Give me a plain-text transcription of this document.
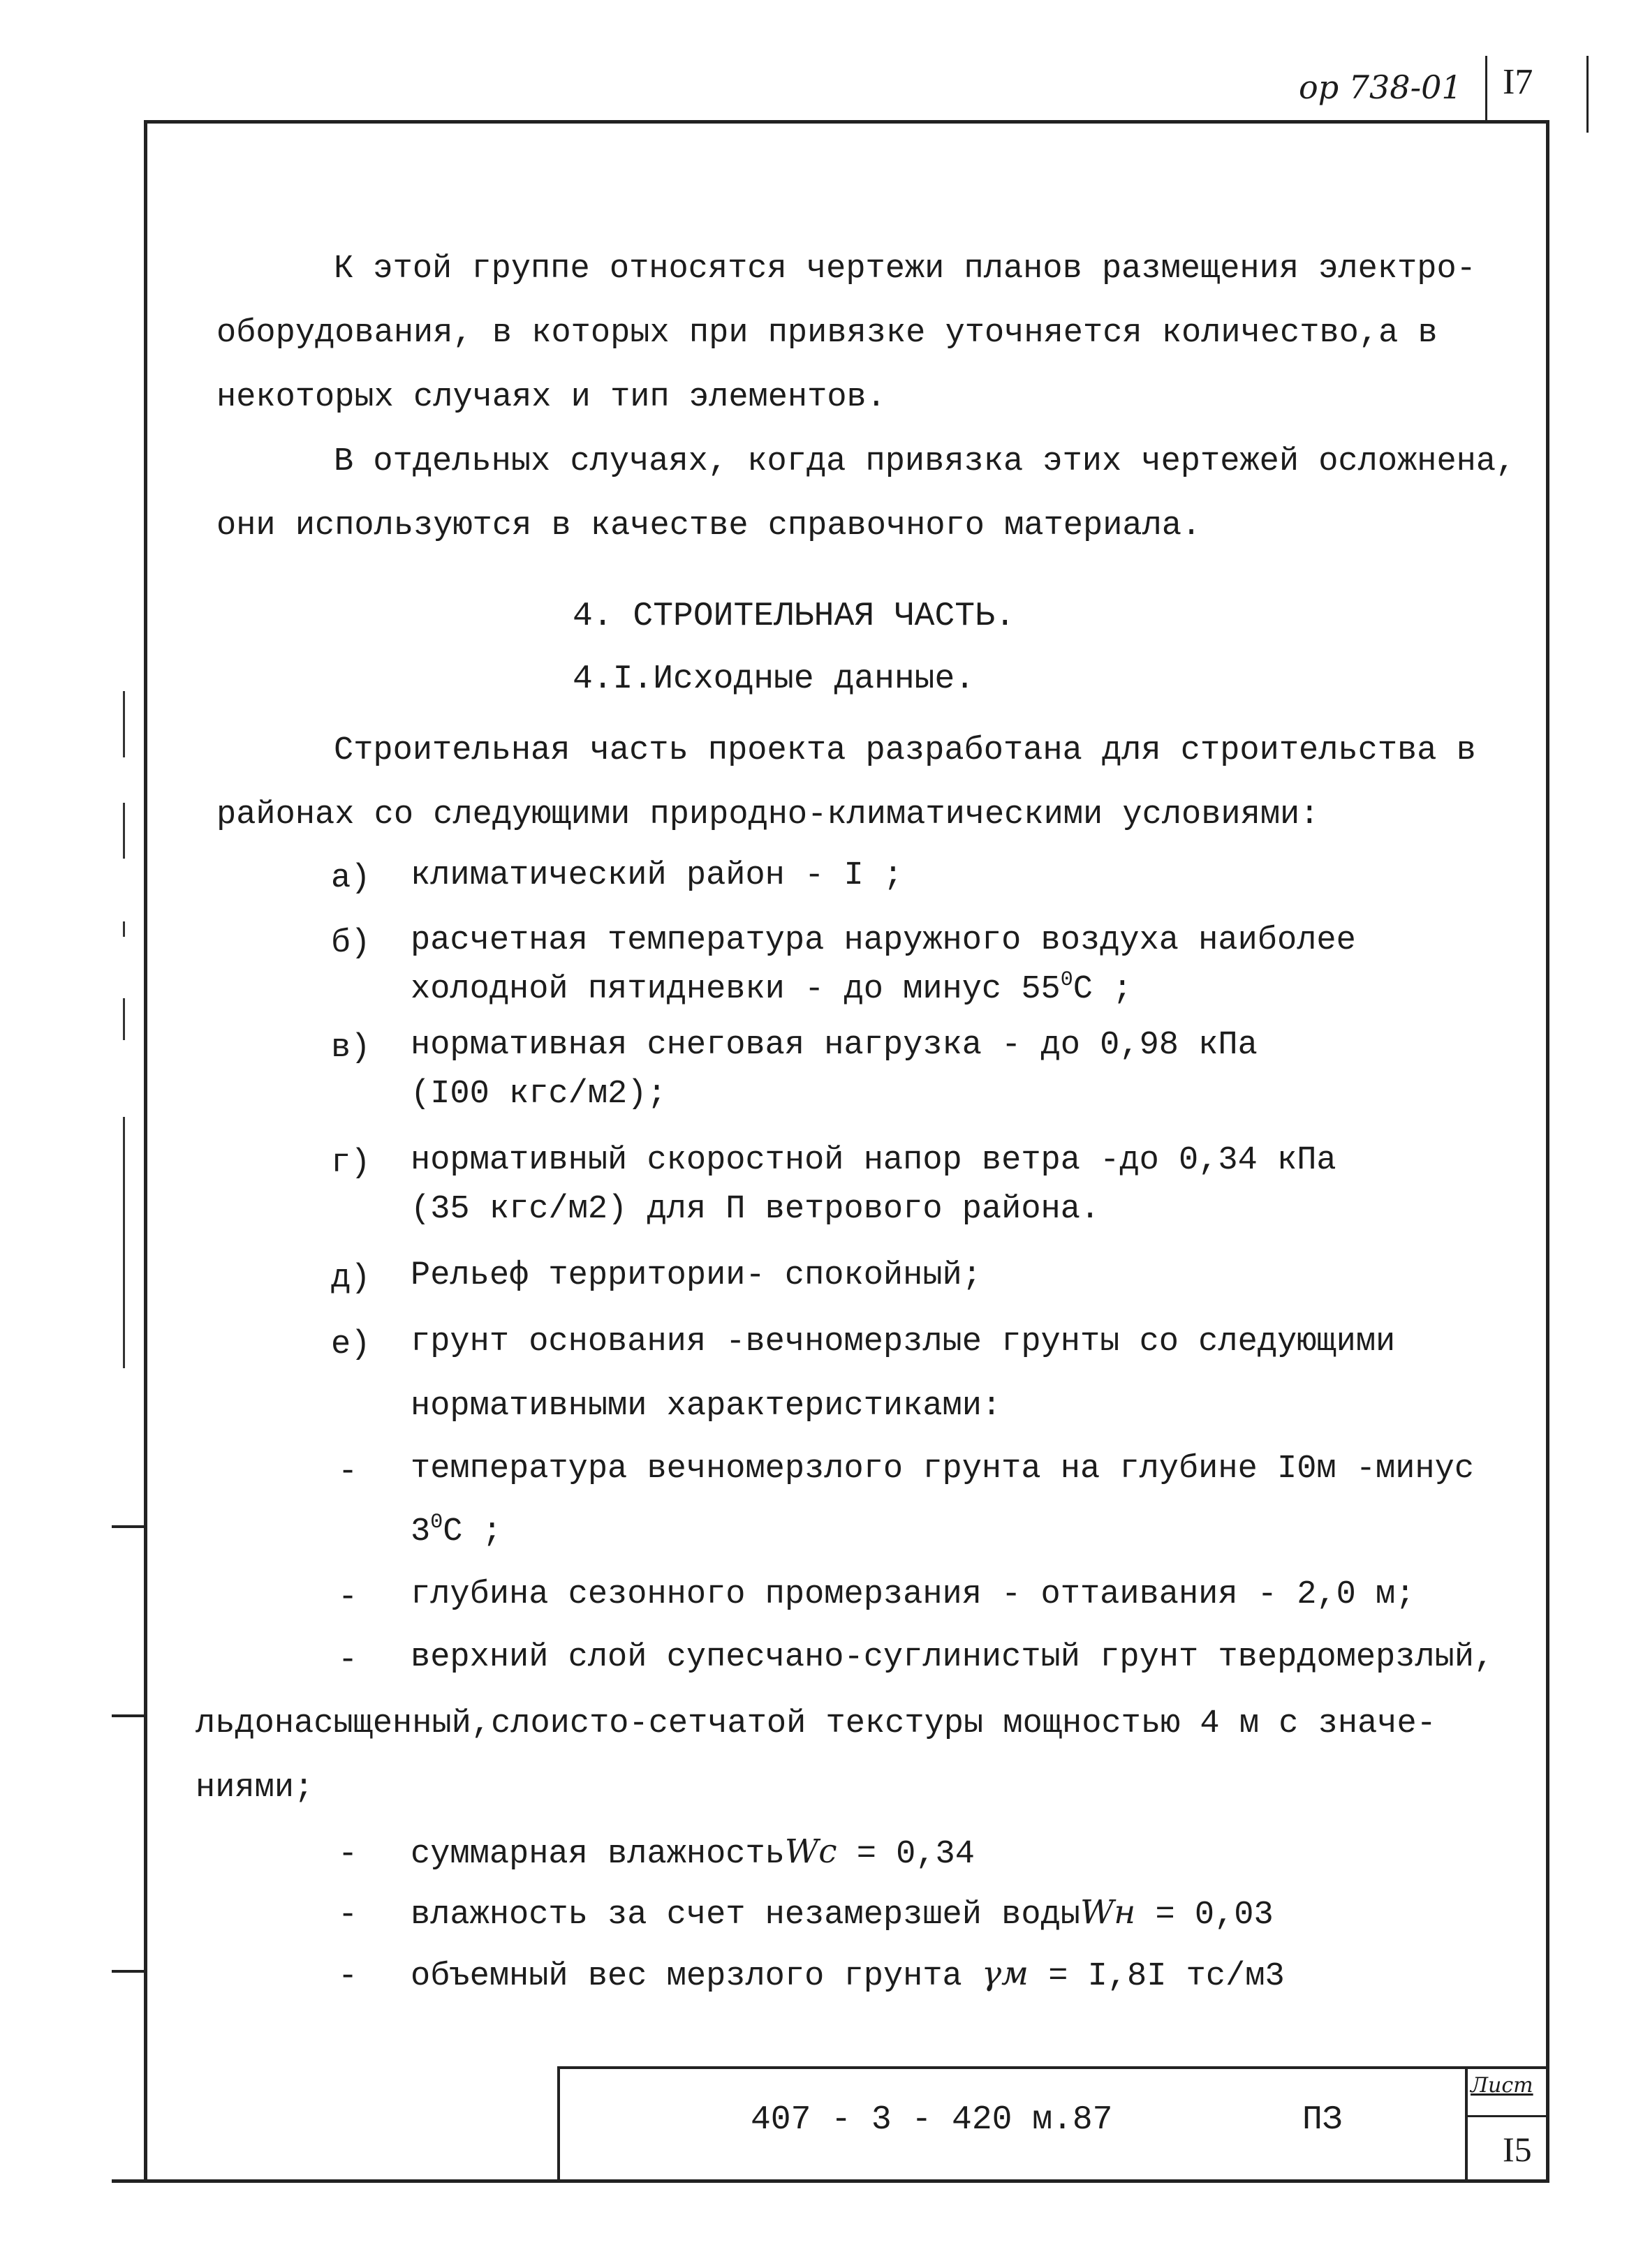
ор 738-01 I7
К этой группе относятся чертежи планов размещения электро-
оборудования, в которых при привязке уточняется количество,а в
некоторых случаях и тип элементов.
В отдельных случаях, когда привязка этих чертежей осложнена,
они используются в качестве справочного материала.
4. СТРОИТЕЛЬНАЯ ЧАСТЬ.
4.I.Исходные данные.
Строительная часть проекта разработана для строительства в
районах со следующими природно-климатическими условиями:
а) климатический район - I ;
б) расчетная температура наружного воздуха наиболее
холодной пятидневки - до минус $55^0С$ ;
в) нормативная снеговая нагрузка - до 0,98 кПа
(I00 кгс/м2);
г) нормативный скоростной напор ветра -до 0,34 кПа
(35 кгс/м2) для П ветрового района.
д) Рельеф территории- спокойный;
е) грунт основания -вечномерзлые грунты со следующими
нормативными характеристиками:
- температура вечномерзлого грунта на глубине I0м -минус
$3^0С$ ;
- глубина сезонного промерзания - оттаивания - 2,0 м;
- верхний слой супесчано-суглинистый грунт твердомерзлый,
льдонасыщенный,слоисто-сетчатой текстуры мощностью 4 м с значе-
ниями;
- суммарная влажностьWc = 0,34
- влажность за счет незамерзшей водыWн = 0,03
- объемный вес мерзлого грунта γм = I,8I тс/м3
407 - 3 - 420 м.87	ПЗ
Лист
I5
